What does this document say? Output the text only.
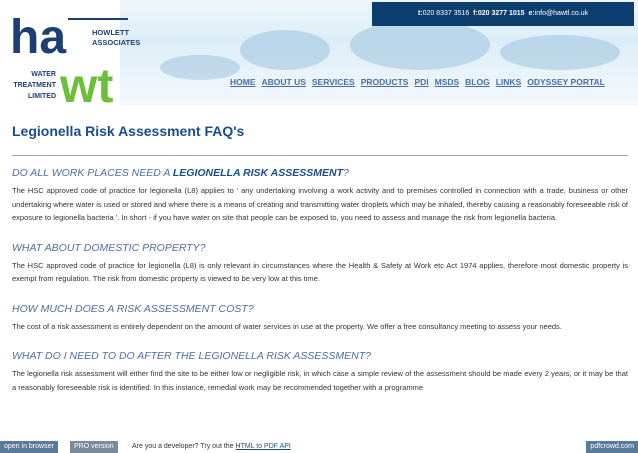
t:020 8337 3516 f:020 3277 1015 e:info@hawtl.co.uk
ha	HOWLETT
ASSOCIATES
WATER
TREATMENT
LIMITED wt	HOME ABOUT US SERVICES PRODUCTS PDI MSDS BLOG LINKS ODYSSEY PORTAL
Legionella Risk Assessment FAQ's
DO ALL WORK PLACES NEED A LEGIONELLA RISK ASSESSMENT?
The HSC approved code of practice for legionella (L8) applies to ' any undertaking involving a work activity and to premises controlled in connection with a trade, business or other undertaking where water is used or stored and where there is a means of creating and transmitting water droplets which may be inhaled, thereby causing a reasonably foreseeable risk of exposure to legionella bacteria '. In short - if you have water on site that people can be exposed to, you need to assess and manage the risk from legionella bacteria.
WHAT ABOUT DOMESTIC PROPERTY?
The HSC approved code of practice for legionella (L8) is only relevant in circumstances where the Health & Safety at Work etc Act 1974 applies, therefore most domestic property is exempt from regulation. The risk from domestic property is viewed to be very low at this time.
HOW MUCH DOES A RISK ASSESSMENT COST?
The cost of a risk assessment is entirely dependent on the amount of water services in use at the property. We offer a free consultancy meeting to assess your needs.
WHAT DO I NEED TO DO AFTER THE LEGIONELLA RISK ASSESSMENT?
The legionella risk assessment will either find the site to be either low or negligible risk, in which case a simple review of the assessment should be made every 2 years, or it may be that a reasonably foreseeable risk is identified. In this instance, remedial work may be recommended together with a programme
open in browser	PRO version	Are you a developer? Try out the HTML to PDF API	pdfcrowd.com
